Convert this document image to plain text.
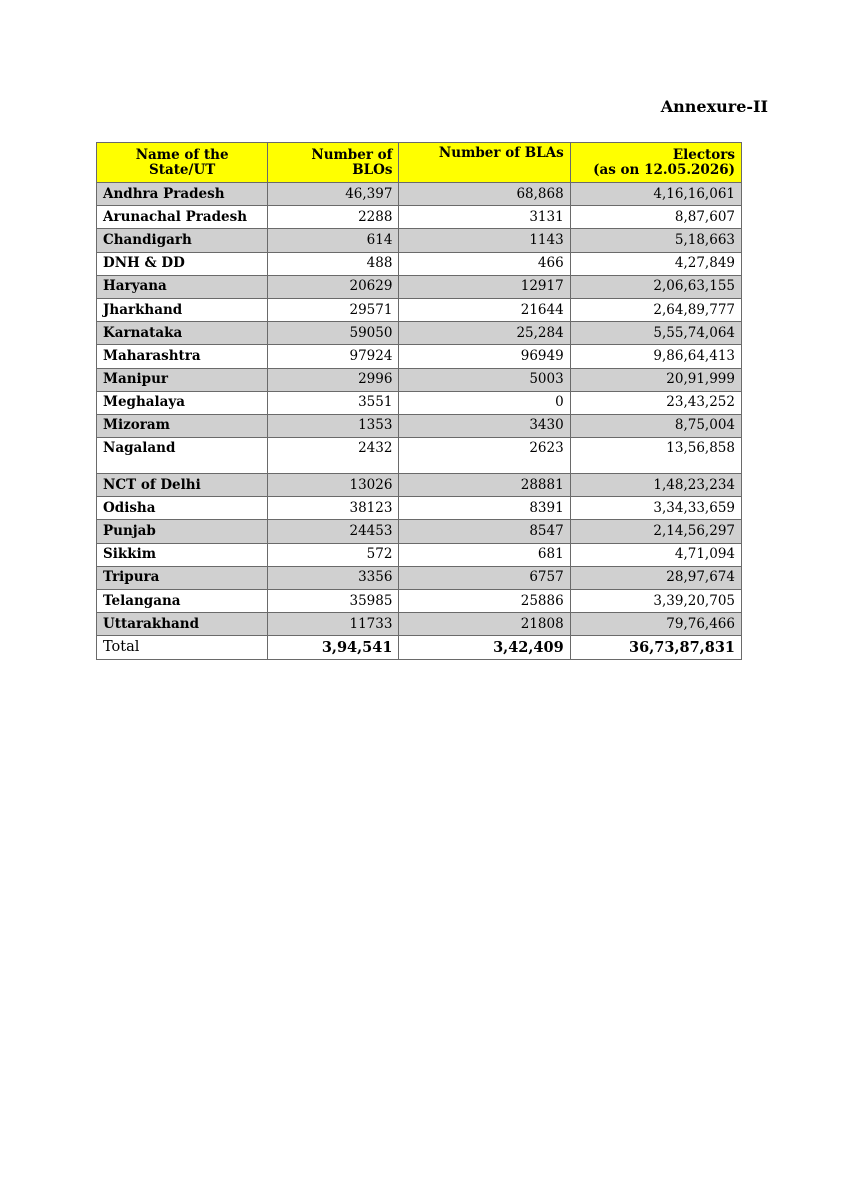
Annexure-II
Name of the State/UT	Number of BLOs	Number of BLAs	Electors
(as on 12.05.2026)
Andhra Pradesh	46,397	68,868	4,16,16,061
Arunachal Pradesh	2288	3131	8,87,607
Chandigarh	614	1143	5,18,663
DNH & DD	488	466	4,27,849
Haryana	20629	12917	2,06,63,155
Jharkhand	29571	21644	2,64,89,777
Karnataka	59050	25,284	5,55,74,064
Maharashtra	97924	96949	9,86,64,413
Manipur	2996	5003	20,91,999
Meghalaya	3551	0	23,43,252
Mizoram	1353	3430	8,75,004
Nagaland	2432	2623	13,56,858
NCT of Delhi	13026	28881	1,48,23,234
Odisha	38123	8391	3,34,33,659
Punjab	24453	8547	2,14,56,297
Sikkim	572	681	4,71,094
Tripura	3356	6757	28,97,674
Telangana	35985	25886	3,39,20,705
Uttarakhand	11733	21808	79,76,466
Total	3,94,541	3,42,409	36,73,87,831
